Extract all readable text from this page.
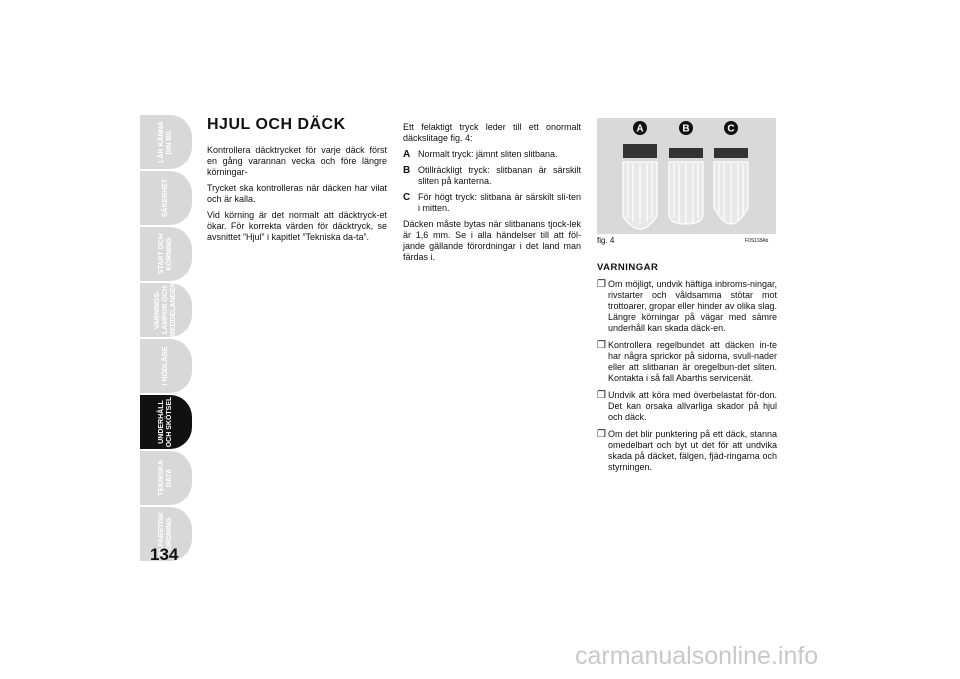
LÄR KÄNNA DIN BIL
SÄKERHET
START OCH KÖRNING
VARNINGS-LAMPOR OCH MEDDELANDEN
I NÖDLÄGE
UNDERHÅLL OCH SKÖTSEL
TEKNISKA DATA
ALFABETISK ORDNING
134
HJUL OCH DÄCK

Kontrollera däcktrycket för varje däck först en gång varannan vecka och före längre körningar-

Trycket ska kontrolleras när däcken har vilat och är kalla.

Vid körning är det normalt att däcktryck-et ökar. För korrekta värden för däcktryck, se avsnittet ”Hjul” i kapitlet ”Tekniska da-ta”.

Ett felaktigt tryck leder till ett onormalt däckslitage fig. 4:

A Normalt tryck: jämnt sliten slitbana.
B Otillräckligt tryck: slitbanan är särskilt sliten på kanterna.
C För högt tryck: slitbana är särskilt sli-ten i mitten.

Däcken måste bytas när slitbanans tjock-lek är 1,6 mm. Se i alla händelser till att föl-jande gällande förordningar i det land man färdas i.

A	B	C
fig. 4	F0S118Ab
VARNINGAR
❒ Om möjligt, undvik häftiga inbroms-ningar, rivstarter och våldsamma stötar mot trottoarer, gropar eller hinder av olika slag. Längre körningar på vägar med sämre underhåll kan skada däck-en.
❒ Kontrollera regelbundet att däcken in-te har några sprickor på sidorna, svull-nader eller att slitbanan är oregelbun-det sliten. Kontakta i så fall Abarths servicenät.
❒ Undvik att köra med överbelastat för-don. Det kan orsaka allvarliga skador på hjul och däck.
❒ Om det blir punktering på ett däck, stanna omedelbart och byt ut det för att undvika skada på däcket, fälgen, fjäd-ringarna och styrningen.
carmanualsonline.info
